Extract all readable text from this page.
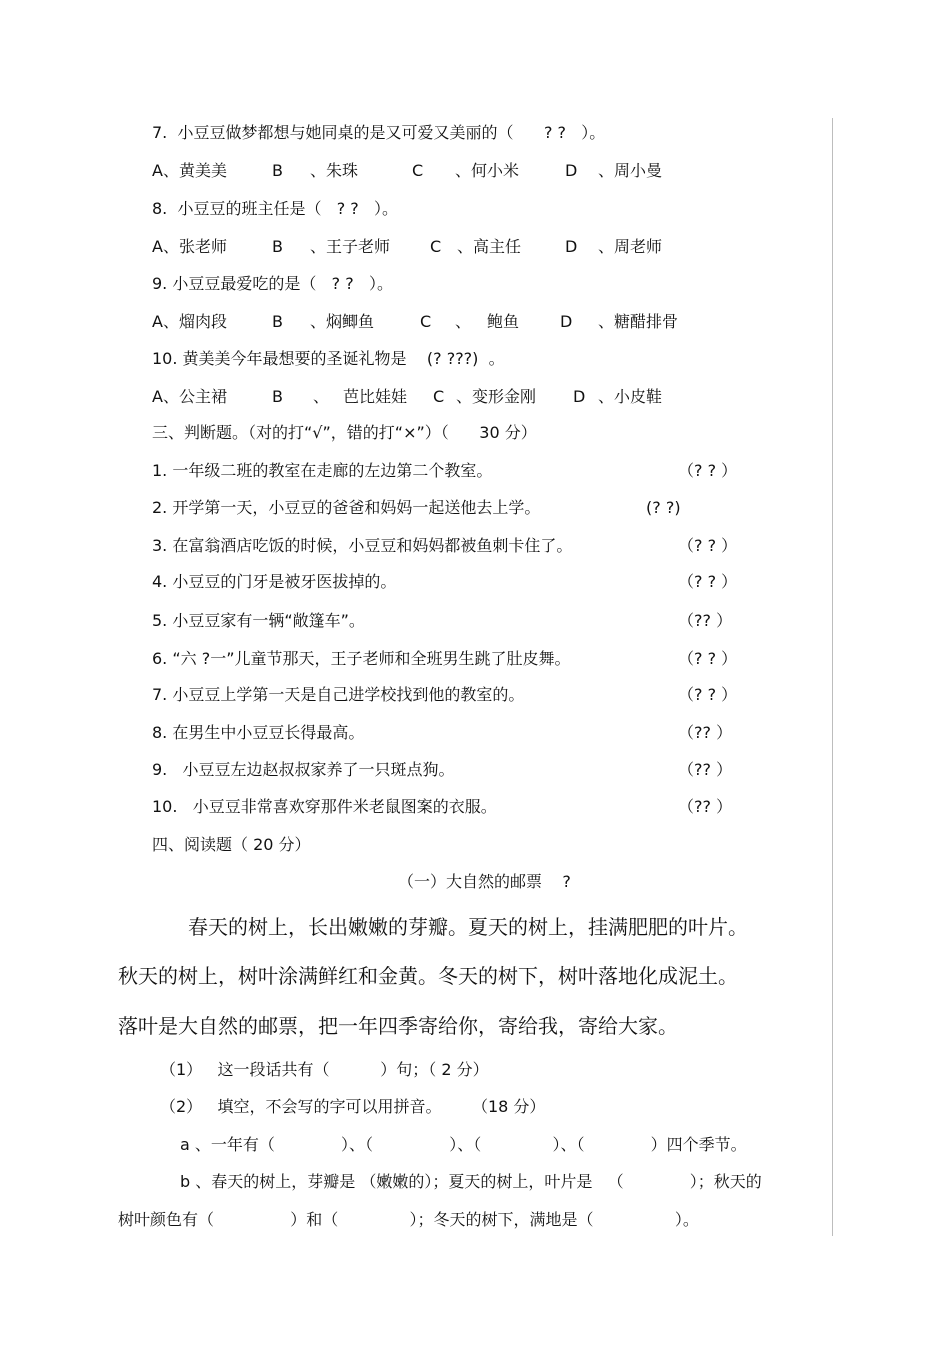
7.  小豆豆做梦都想与她同桌的是又可爱又美丽的（      ? ?   ）。
A、黄美美	B 、朱珠	C 、何小米	D 、周小曼
8.  小豆豆的班主任是（   ? ?   ）。
A、张老师	B 、王子老师 C 、高主任	D 、周老师
9. 小豆豆最爱吃的是（   ? ?   ）。
A、熘肉段	B 、焖鲫鱼	C 、 鲍鱼	D 、糖醋排骨
10. 黄美美今年最想要的圣诞礼物是    (? ???)  。
A、公主裙	B 、 芭比娃娃 C 、变形金刚 D 、小皮鞋
三、判断题。（对的打“√”，错的打“×”）（      30 分）
1. 一年级二班的教室在走廊的左边第二个教室。	（? ? ）
2. 开学第一天，小豆豆的爸爸和妈妈一起送他去上学。	(? ?)
3. 在富翁酒店吃饭的时候，小豆豆和妈妈都被鱼刺卡住了。	（? ? ）
4. 小豆豆的门牙是被牙医拔掉的。	（? ? ）
5. 小豆豆家有一辆“敞篷车”。	（?? ）
6. “六 ?一”儿童节那天，王子老师和全班男生跳了肚皮舞。	（? ? ）
7. 小豆豆上学第一天是自己进学校找到他的教室的。	（? ? ）
8. 在男生中小豆豆长得最高。	（?? ）
9.   小豆豆左边赵叔叔家养了一只斑点狗。	（?? ）
10.   小豆豆非常喜欢穿那件米老鼠图案的衣服。	（?? ）
四、阅读题（ 20 分）
（一）大自然的邮票    ?
春天的树上，长出嫩嫩的芽瓣。夏天的树上，挂满肥肥的叶片。
秋天的树上，树叶涂满鲜红和金黄。冬天的树下，树叶落地化成泥土。
落叶是大自然的邮票，把一年四季寄给你，寄给我，寄给大家。
（1）   这一段话共有（          ）句；（ 2 分）
（2）   填空，不会写的字可以用拼音。      （18 分）
a 、一年有（             ）、（               ）、（              ）、（             ）四个季节。
b 、春天的树上，芽瓣是 （嫩嫩的）；夏天的树上，叶片是   （             ）；秋天的
树叶颜色有（               ）和（              ）；冬天的树下，满地是（                ）。
